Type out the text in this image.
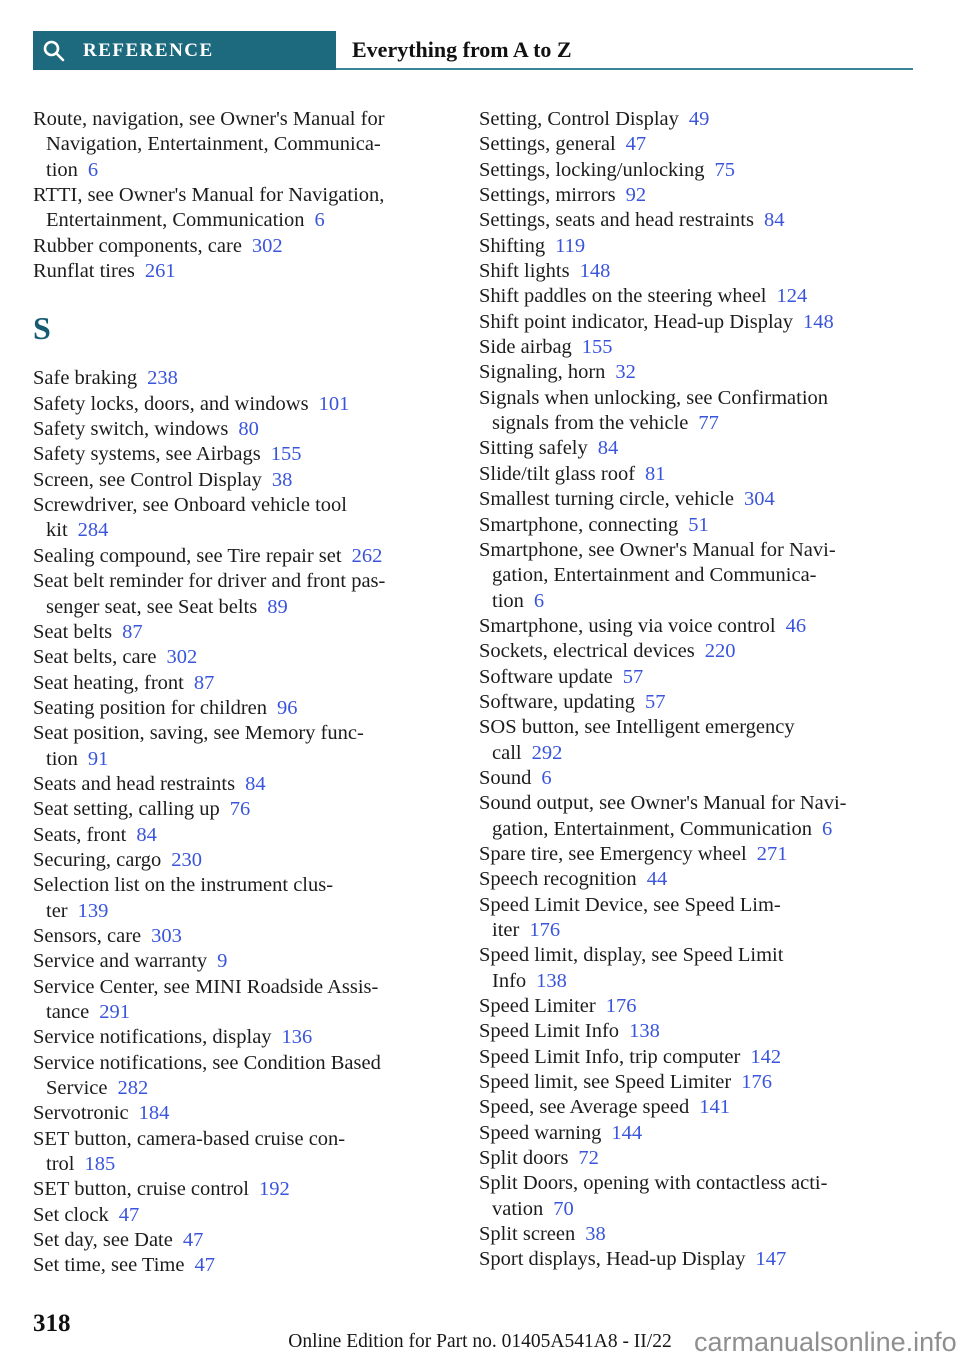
REFERENCE	Everything from A to Z
Route, navigation, see Owner's Manual for
Navigation, Entertainment, Communica-
tion 6
RTTI, see Owner's Manual for Navigation,
Entertainment, Communication 6
Rubber components, care 302
Runflat tires 261
S
Safe braking 238
Safety locks, doors, and windows 101
Safety switch, windows 80
Safety systems, see Airbags 155
Screen, see Control Display 38
Screwdriver, see Onboard vehicle tool
kit 284
Sealing compound, see Tire repair set 262
Seat belt reminder for driver and front pas-
senger seat, see Seat belts 89
Seat belts 87
Seat belts, care 302
Seat heating, front 87
Seating position for children 96
Seat position, saving, see Memory func-
tion 91
Seats and head restraints 84
Seat setting, calling up 76
Seats, front 84
Securing, cargo 230
Selection list on the instrument clus-
ter 139
Sensors, care 303
Service and warranty 9
Service Center, see MINI Roadside Assis-
tance 291
Service notifications, display 136
Service notifications, see Condition Based
Service 282
Servotronic 184
SET button, camera-based cruise con-
trol 185
SET button, cruise control 192
Set clock 47
Set day, see Date 47
Set time, see Time 47
Setting, Control Display 49
Settings, general 47
Settings, locking/unlocking 75
Settings, mirrors 92
Settings, seats and head restraints 84
Shifting 119
Shift lights 148
Shift paddles on the steering wheel 124
Shift point indicator, Head-up Display 148
Side airbag 155
Signaling, horn 32
Signals when unlocking, see Confirmation
signals from the vehicle 77
Sitting safely 84
Slide/tilt glass roof 81
Smallest turning circle, vehicle 304
Smartphone, connecting 51
Smartphone, see Owner's Manual for Navi-
gation, Entertainment and Communica-
tion 6
Smartphone, using via voice control 46
Sockets, electrical devices 220
Software update 57
Software, updating 57
SOS button, see Intelligent emergency
call 292
Sound 6
Sound output, see Owner's Manual for Navi-
gation, Entertainment, Communication 6
Spare tire, see Emergency wheel 271
Speech recognition 44
Speed Limit Device, see Speed Lim-
iter 176
Speed limit, display, see Speed Limit
Info 138
Speed Limiter 176
Speed Limit Info 138
Speed Limit Info, trip computer 142
Speed limit, see Speed Limiter 176
Speed, see Average speed 141
Speed warning 144
Split doors 72
Split Doors, opening with contactless acti-
vation 70
Split screen 38
Sport displays, Head-up Display 147
318
Online Edition for Part no. 01405A541A8 - II/22 carmanualsonline.info
